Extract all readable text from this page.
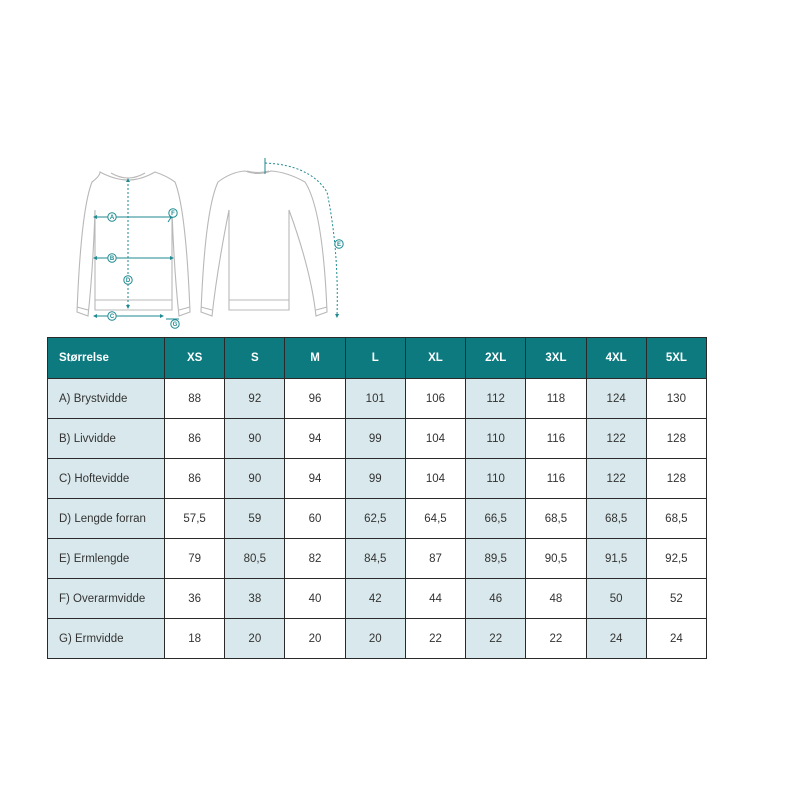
A
B
D
C
F
G
E
Størrelse	XS	S	M	L	XL	2XL	3XL	4XL	5XL
A) Brystvidde	88	92	96	101	106	112	118	124	130
B) Livvidde	86	90	94	99	104	110	116	122	128
C) Hoftevidde	86	90	94	99	104	110	116	122	128
D) Lengde forran	57,5	59	60	62,5	64,5	66,5	68,5	68,5	68,5
E) Ermlengde	79	80,5	82	84,5	87	89,5	90,5	91,5	92,5
F) Overarmvidde	36	38	40	42	44	46	48	50	52
G) Ermvidde	18	20	20	20	22	22	22	24	24
